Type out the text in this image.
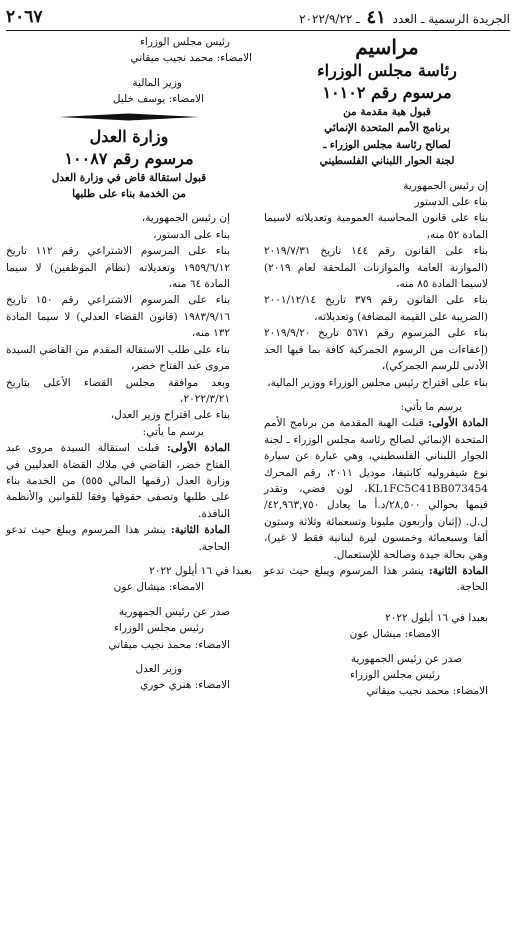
الجريدة الرسمية ـ العدد ٤١ ـ ٢٠٢٢/٩/٢٢
٢٠٦٧

مراسيم

رئاسة مجلس الوزراء

مرسوم رقم ١٠١٠٢

قبول هبة مقدمة من

برنامج الأمم المتحدة الإنمائي

لصالح رئاسة مجلس الوزراء ـ

لجنة الحوار اللبناني الفلسطيني

إن رئيس الجمهورية

بناء على الدستور

بناء على قانون المحاسبة العمومية وتعديلاته لاسيما المادة ٥٢ منه،

بناء على القانون رقم ١٤٤ تاريخ ٢٠١٩/٧/٣١ (الموازنة العامة والموازنات الملحقة لعام ٢٠١٩) لاسيما المادة ٨٥ منه،

بناء على القانون رقم ٣٧٩ تاريخ ٢٠٠١/١٢/١٤ (الضريبة على القيمة المضافة) وتعديلاته،

بناء على المرسوم رقم ٥٦٧١ تاريخ ٢٠١٩/٩/٢٠ (إعفاءات من الرسوم الجمركية كافة بما فيها الحد الأدنى للرسم الجمركي)،

بناء على اقتراح رئيس مجلس الوزراء ووزير المالية،

يرسم ما يأتي:

المادة الأولى: قبلت الهبة المقدمة من برنامج الأمم المتحدة الإنمائي لصالح رئاسة مجلس الوزراء ـ لجنة الحوار اللبناني الفلسطيني، وهي عبارة عن سيارة نوع شيفروليه كابتيفا، موديل ٢٠١١، رقم المحرك KL1FC5C41BB073454، لون فضي، وتقدر قيمها بحوالي ٢٨,٥٠٠/د.أ ما يعادل ٤٢,٩٦٣,٧٥٠/ل.ل. (إثنان وأربعون مليونا وتسعمائة وثلاثة وستون ألفا وسبعمائة وخمسون ليرة لبنانية فقط لا غير)، وهي بحالة جيدة وصالحة للإستعمال.

المادة الثانية: ينشر هذا المرسوم ويبلغ حيث تدعو الحاجة.

بعبدا في ١٦ أيلول ٢٠٢٢

الامضاء: ميشال عون

صدر عن رئيس الجمهورية

رئيس مجلس الوزراء

الامضاء: محمد نجيب ميقاتي

رئيس مجلس الوزراء

الامضاء: محمد نجيب ميقاتي

وزير المالية

الامضاء: يوسف خليل

وزارة العدل

مرسوم رقم ١٠٠٨٧

قبول استقالة قاض في وزارة العدل

من الخدمة بناء على طلبها

إن رئيس الجمهورية،

بناء على الدستور،

بناء على المرسوم الاشتراعي رقم ١١٢ تاريخ ١٩٥٩/٦/١٢ وتعديلاته (نظام الموظفين) لا سيما المادة ٦٤ منه،

بناء على المرسوم الاشتراعي رقم ١٥٠ تاريخ ١٩٨٣/٩/١٦ (قانون القضاء العدلي) لا سيما المادة ١٣٢ منه،

بناء على طلب الاستقالة المقدم من القاضي السيدة مروى عبد الفتاح خضر،

وبعد موافقة مجلس القضاء الأعلى بتاريخ ٢٠٢٢/٣/٢١،

بناء على اقتراح وزير العدل،

يرسم ما يأتي:

المادة الأولى: قبلت استقالة السيدة مروى عبد الفتاح خضر، القاضي في ملاك القضاة العدليين في وزارة العدل (رقمها المالي ٥٥٥) من الخدمة بناء على طلبها وتصفى حقوقها وفقا للقوانين والأنظمة النافذة.

المادة الثانية: ينشر هذا المرسوم ويبلغ حيث تدعو الحاجة.

بعبدا في ١٦ أيلول ٢٠٢٢

الامضاء: ميشال عون

صدر عن رئيس الجمهورية

رئيس مجلس الوزراء

الامضاء: محمد نجيب ميقاتي

وزير العدل

الامضاء: هنري خوري
